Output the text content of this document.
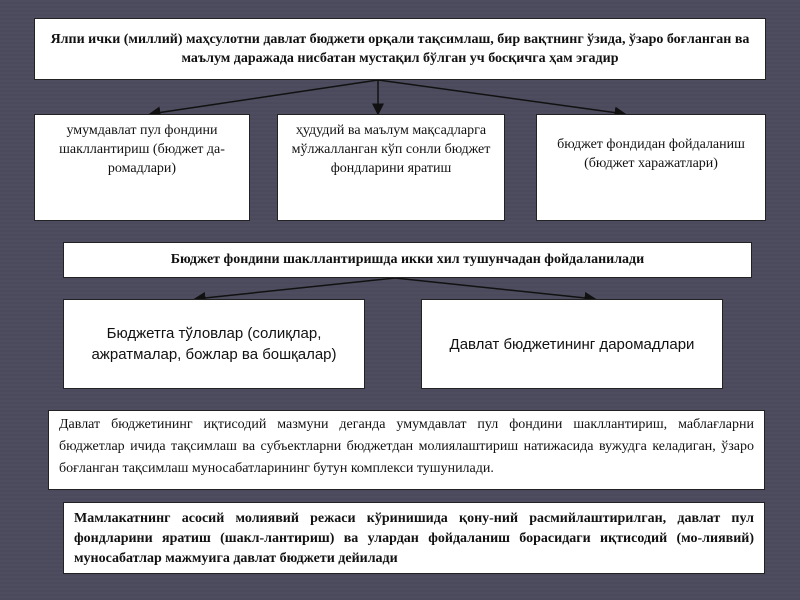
Ялпи ички (миллий) маҳсулотни давлат бюджети орқали тақсимлаш, бир вақтнинг ўзида, ўзаро боғланган ва маълум даражада нисбатан мустақил бўлган уч босқичга ҳам эгадир
умумдавлат пул фондини шакллантириш (бюджет да-ромадлари)
ҳудудий ва маълум мақсадларга мўлжалланган кўп сонли бюджет фондларини яратиш
бюджет фондидан фойдаланиш (бюджет харажатлари)
Бюджет фондини шакллантиришда икки хил тушунчадан фойдаланилади
Бюджетга тўловлар (солиқлар, ажратмалар, божлар ва бошқалар)
Давлат бюджетининг даромадлари
Давлат бюджетининг иқтисодий мазмуни деганда умумдавлат пул фондини шакллантириш, маблағларни бюджетлар ичида тақсимлаш ва субъектларни бюджетдан молиялаштириш натижасида вужудга келадиган, ўзаро боғланган тақсимлаш муносабатларининг бутун комплекси тушунилади.
Мамлакатнинг асосий молиявий режаси кўринишида қону-ний расмийлаштирилган, давлат пул фондларини яратиш (шакл-лантириш) ва улардан фойдаланиш борасидаги иқтисодий (мо-лиявий) муносабатлар мажмуига давлат бюджети дейилади
